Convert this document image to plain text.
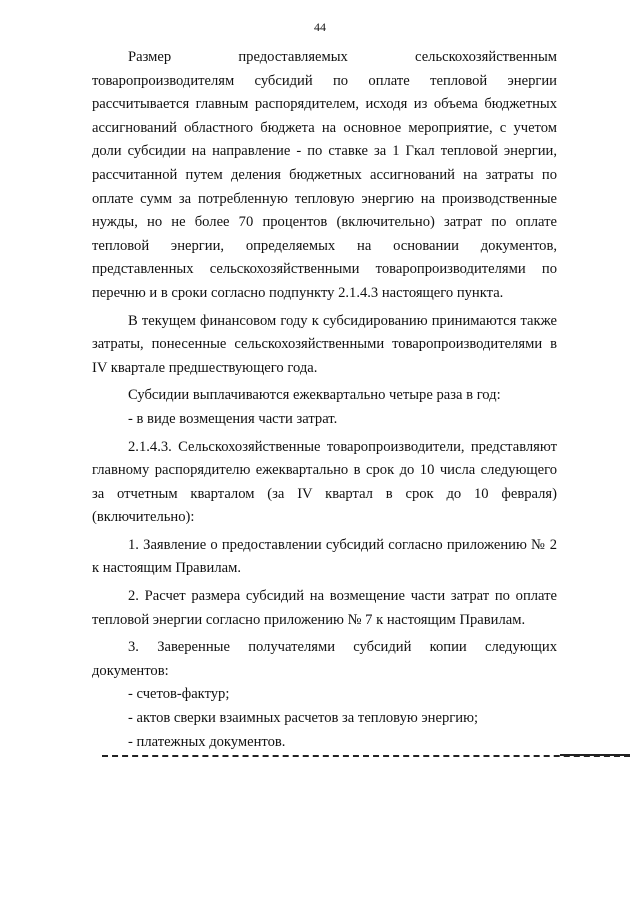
44

Размер предоставляемых сельскохозяйственным товаропроизводителям субсидий по оплате тепловой энергии рассчитывается главным распорядителем, исходя из объема бюджетных ассигнований областного бюджета на основное мероприятие, с учетом доли субсидии на направление - по ставке за 1 Гкал тепловой энергии, рассчитанной путем деления бюджетных ассигнований на затраты по оплате сумм за потребленную тепловую энергию на производственные нужды, но не более 70 процентов (включительно) затрат по оплате тепловой энергии, определяемых на основании документов, представленных сельскохозяйственными товаропроизводителями по перечню и в сроки согласно подпункту 2.1.4.3 настоящего пункта.

В текущем финансовом году к субсидированию принимаются также затраты, понесенные сельскохозяйственными товаропроизводителями в IV квартале предшествующего года.

Субсидии выплачиваются ежеквартально четыре раза в год:

- в виде возмещения части затрат.

2.1.4.3. Сельскохозяйственные товаропроизводители, представляют главному распорядителю ежеквартально в срок до 10 числа следующего за отчетным кварталом (за IV квартал в срок до 10 февраля) (включительно):

1. Заявление о предоставлении субсидий согласно приложению № 2 к настоящим Правилам.

2. Расчет размера субсидий на возмещение части затрат по оплате тепловой энергии согласно приложению № 7 к настоящим Правилам.

3. Заверенные получателями субсидий копии следующих документов:

- счетов-фактур;

- актов сверки взаимных расчетов за тепловую энергию;

- платежных документов.
